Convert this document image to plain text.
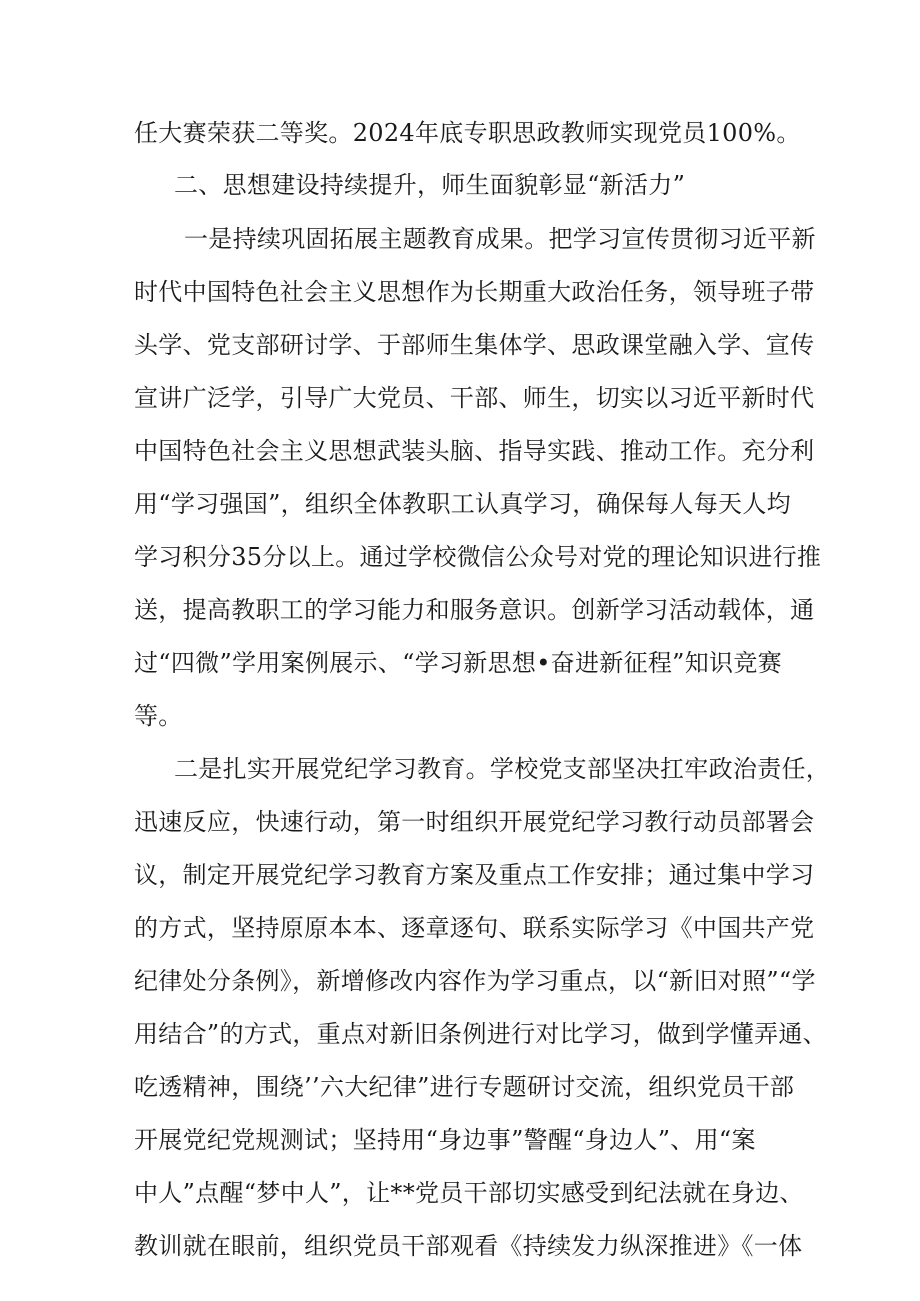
任大赛荣获二等奖。2024年底专职思政教师实现党员100%。
二、思想建设持续提升，师生面貌彰显“新活力”
一是持续巩固拓展主题教育成果。把学习宣传贯彻习近平新
时代中国特色社会主义思想作为长期重大政治任务，领导班子带
头学、党支部研讨学、于部师生集体学、思政课堂融入学、宣传
宣讲广泛学，引导广大党员、干部、师生，切实以习近平新时代
中国特色社会主义思想武装头脑、指导实践、推动工作。充分利
用“学习强国”，组织全体教职工认真学习，确保每人每天人均
学习积分35分以上。通过学校微信公众号对党的理论知识进行推
送，提高教职工的学习能力和服务意识。创新学习活动载体，通
过“四微”学用案例展示、“学习新思想•奋进新征程”知识竞赛
等。
二是扎实开展党纪学习教育。学校党支部坚决扛牢政治责任，
迅速反应，快速行动，第一时组织开展党纪学习教行动员部署会
议，制定开展党纪学习教育方案及重点工作安排；通过集中学习
的方式，坚持原原本本、逐章逐句、联系实际学习《中国共产党
纪律处分条例》，新增修改内容作为学习重点，以“新旧对照”“学
用结合”的方式，重点对新旧条例进行对比学习，做到学懂弄通、
吃透精神，围绕’’六大纪律”进行专题研讨交流，组织党员干部
开展党纪党规测试；坚持用“身边事”警醒“身边人”、用“案
中人”点醒“梦中人”，让**党员干部切实感受到纪法就在身边、
教训就在眼前，组织党员干部观看《持续发力纵深推进》《一体
